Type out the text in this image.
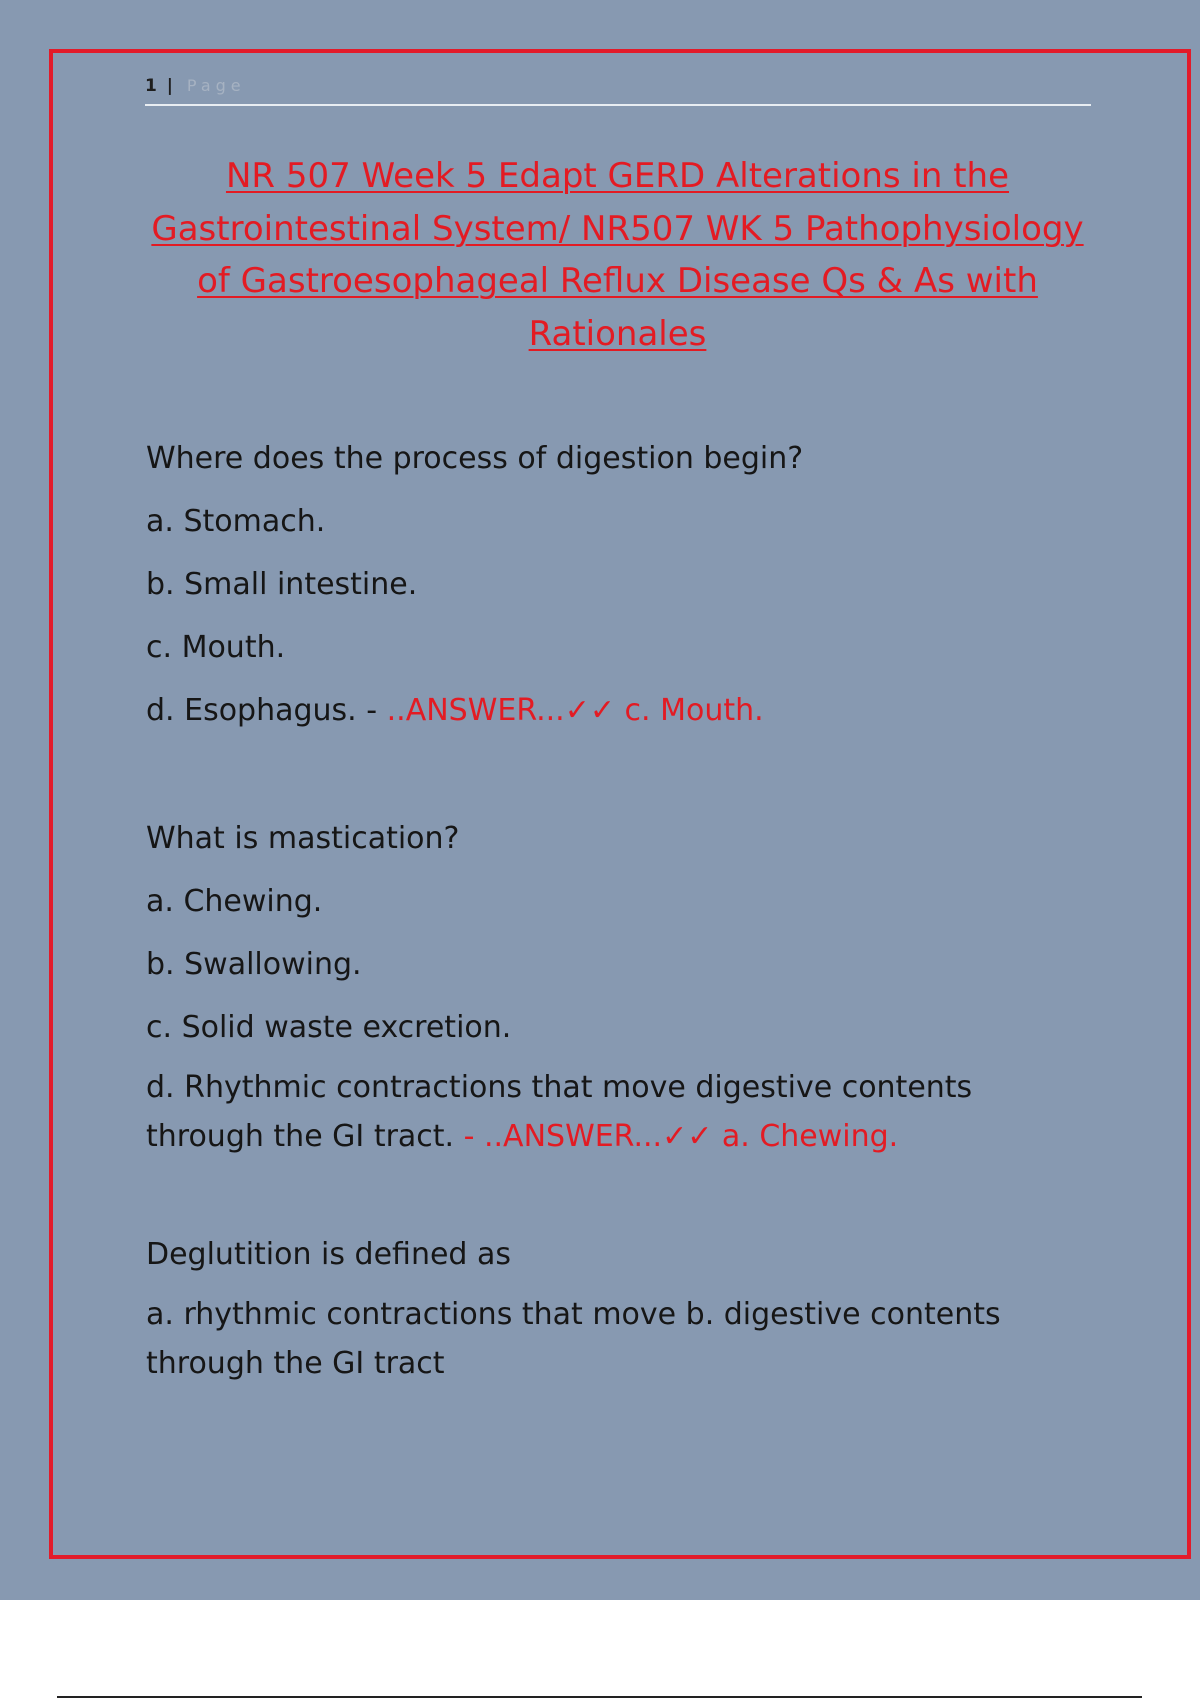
1 | Page
NR 507 Week 5 Edapt GERD Alterations in the Gastrointestinal System/ NR507 WK 5 Pathophysiology of Gastroesophageal Reflux Disease Qs & As with Rationales
Where does the process of digestion begin?
a. Stomach.
b. Small intestine.
c. Mouth.
d. Esophagus. - ..ANSWER...✓✓ c. Mouth.
What is mastication?
a. Chewing.
b. Swallowing.
c. Solid waste excretion.
d. Rhythmic contractions that move digestive contents through the GI tract. - ..ANSWER...✓✓ a. Chewing.
Deglutition is defined as
a. rhythmic contractions that move b. digestive contents through the GI tract
